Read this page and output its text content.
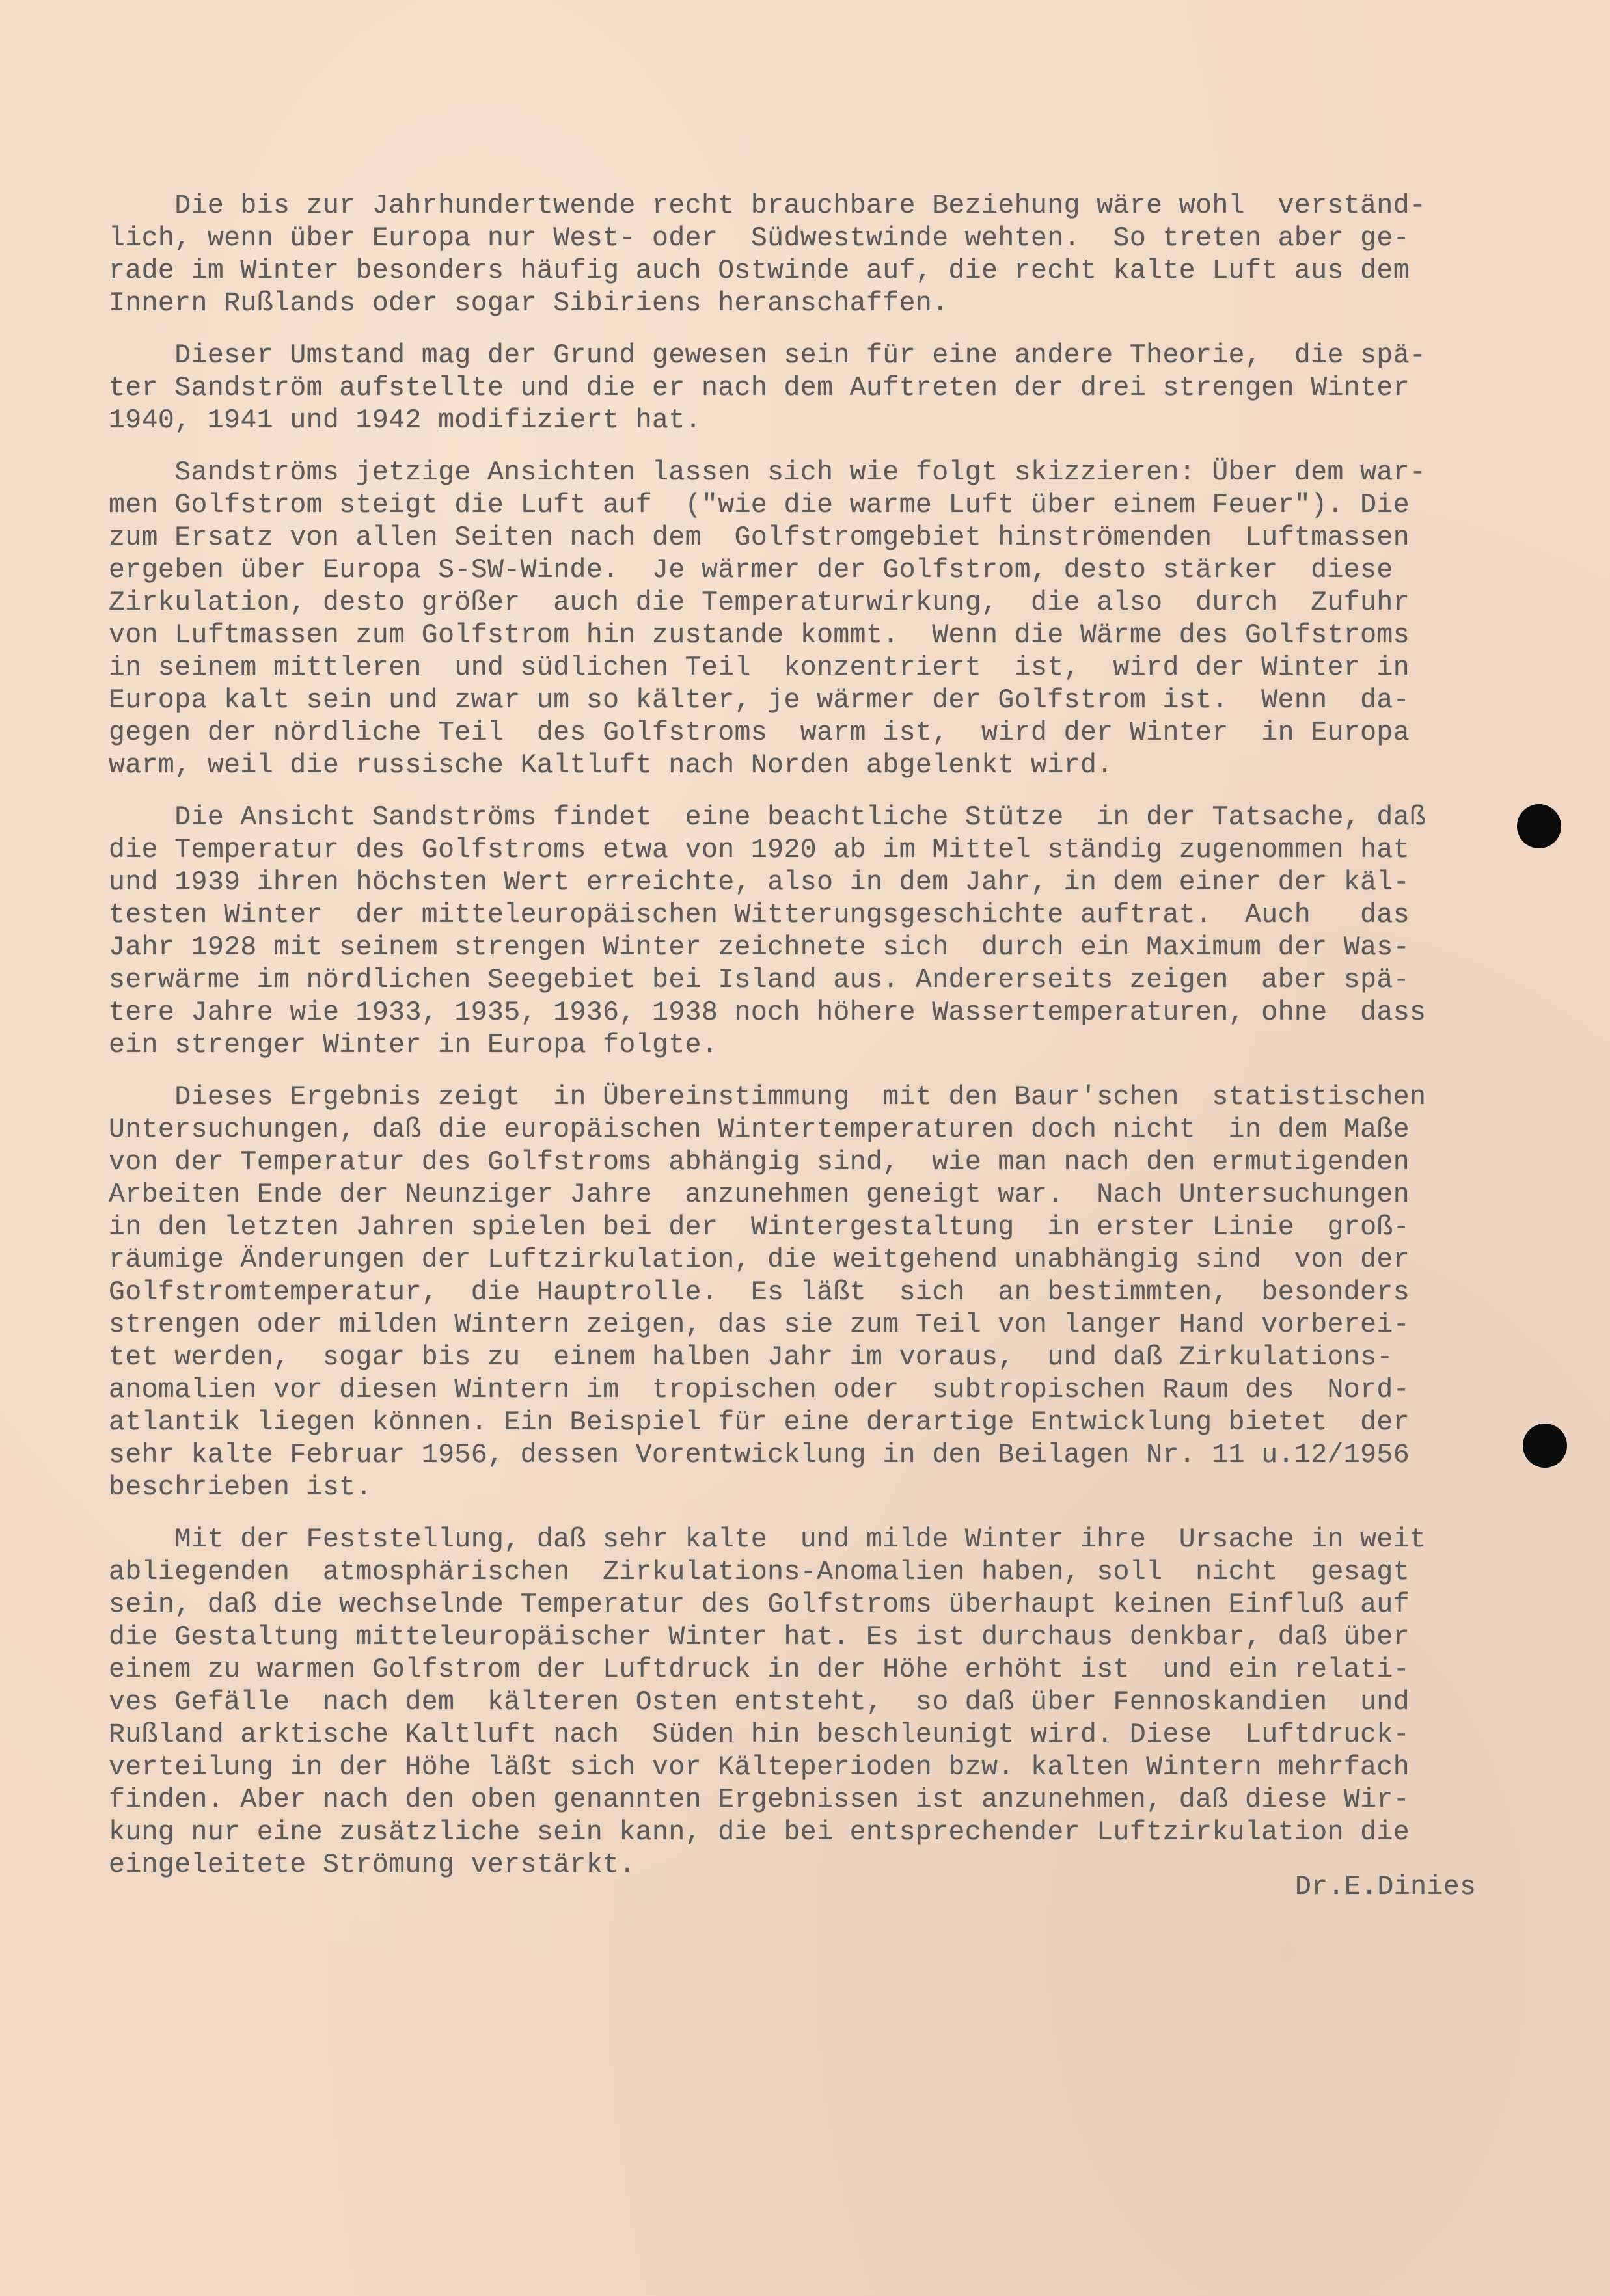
Die bis zur Jahrhundertwende recht brauchbare Beziehung wäre wohl  verständ-
lich, wenn über Europa nur West- oder  Südwestwinde wehten.  So treten aber ge-
rade im Winter besonders häufig auch Ostwinde auf, die recht kalte Luft aus dem
Innern Rußlands oder sogar Sibiriens heranschaffen.

Dieser Umstand mag der Grund gewesen sein für eine andere Theorie,  die spä-
ter Sandström aufstellte und die er nach dem Auftreten der drei strengen Winter
1940, 1941 und 1942 modifiziert hat.

Sandströms jetzige Ansichten lassen sich wie folgt skizzieren: Über dem war-
men Golfstrom steigt die Luft auf  ("wie die warme Luft über einem Feuer"). Die
zum Ersatz von allen Seiten nach dem  Golfstromgebiet hinströmenden  Luftmassen
ergeben über Europa S-SW-Winde.  Je wärmer der Golfstrom, desto stärker  diese
Zirkulation, desto größer  auch die Temperaturwirkung,  die also  durch  Zufuhr
von Luftmassen zum Golfstrom hin zustande kommt.  Wenn die Wärme des Golfstroms
in seinem mittleren  und südlichen Teil  konzentriert  ist,  wird der Winter in
Europa kalt sein und zwar um so kälter, je wärmer der Golfstrom ist.  Wenn  da-
gegen der nördliche Teil  des Golfstroms  warm ist,  wird der Winter  in Europa
warm, weil die russische Kaltluft nach Norden abgelenkt wird.

Die Ansicht Sandströms findet  eine beachtliche Stütze  in der Tatsache, daß
die Temperatur des Golfstroms etwa von 1920 ab im Mittel ständig zugenommen hat
und 1939 ihren höchsten Wert erreichte, also in dem Jahr, in dem einer der käl-
testen Winter  der mitteleuropäischen Witterungsgeschichte auftrat.  Auch   das
Jahr 1928 mit seinem strengen Winter zeichnete sich  durch ein Maximum der Was-
serwärme im nördlichen Seegebiet bei Island aus. Andererseits zeigen  aber spä-
tere Jahre wie 1933, 1935, 1936, 1938 noch höhere Wassertemperaturen, ohne  dass
ein strenger Winter in Europa folgte.

Dieses Ergebnis zeigt  in Übereinstimmung  mit den Baur'schen  statistischen
Untersuchungen, daß die europäischen Wintertemperaturen doch nicht  in dem Maße
von der Temperatur des Golfstroms abhängig sind,  wie man nach den ermutigenden
Arbeiten Ende der Neunziger Jahre  anzunehmen geneigt war.  Nach Untersuchungen
in den letzten Jahren spielen bei der  Wintergestaltung  in erster Linie  groß-
räumige Änderungen der Luftzirkulation, die weitgehend unabhängig sind  von der
Golfstromtemperatur,  die Hauptrolle.  Es läßt  sich  an bestimmten,  besonders
strengen oder milden Wintern zeigen, das sie zum Teil von langer Hand vorberei-
tet werden,  sogar bis zu  einem halben Jahr im voraus,  und daß Zirkulations-
anomalien vor diesen Wintern im  tropischen oder  subtropischen Raum des  Nord-
atlantik liegen können. Ein Beispiel für eine derartige Entwicklung bietet  der
sehr kalte Februar 1956, dessen Vorentwicklung in den Beilagen Nr. 11 u.12/1956
beschrieben ist.

Mit der Feststellung, daß sehr kalte  und milde Winter ihre  Ursache in weit
abliegenden  atmosphärischen  Zirkulations-Anomalien haben, soll  nicht  gesagt
sein, daß die wechselnde Temperatur des Golfstroms überhaupt keinen Einfluß auf
die Gestaltung mitteleuropäischer Winter hat. Es ist durchaus denkbar, daß über
einem zu warmen Golfstrom der Luftdruck in der Höhe erhöht ist  und ein relati-
ves Gefälle  nach dem  kälteren Osten entsteht,  so daß über Fennoskandien  und
Rußland arktische Kaltluft nach  Süden hin beschleunigt wird. Diese  Luftdruck-
verteilung in der Höhe läßt sich vor Kälteperioden bzw. kalten Wintern mehrfach
finden. Aber nach den oben genannten Ergebnissen ist anzunehmen, daß diese Wir-
kung nur eine zusätzliche sein kann, die bei entsprechender Luftzirkulation die
eingeleitete Strömung verstärkt.

Dr.E.Dinies
